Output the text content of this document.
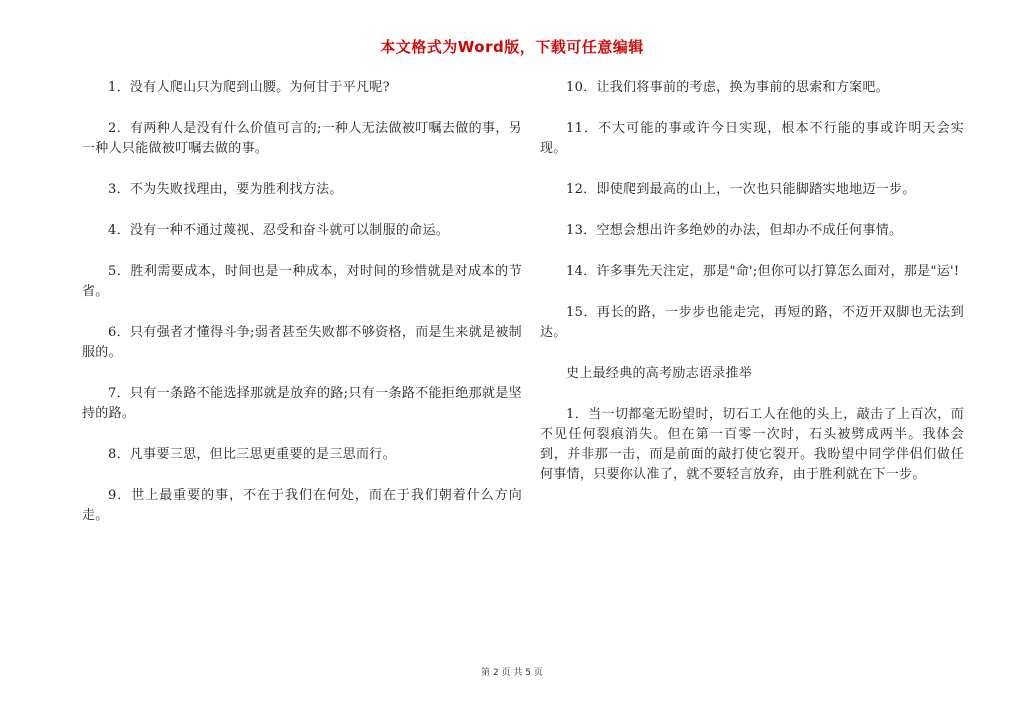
本文格式为Word版，下载可任意编辑

1．没有人爬山只为爬到山腰。为何甘于平凡呢?

2．有两种人是没有什么价值可言的;一种人无法做被叮嘱去做的事，另一种人只能做被叮嘱去做的事。

3．不为失败找理由，要为胜利找方法。

4．没有一种不通过蔑视、忍受和奋斗就可以制服的命运。

5．胜利需要成本，时间也是一种成本，对时间的珍惜就是对成本的节省。

6．只有强者才懂得斗争;弱者甚至失败都不够资格，而是生来就是被制服的。

7．只有一条路不能选择那就是放弃的路;只有一条路不能拒绝那就是坚持的路。

8．凡事要三思，但比三思更重要的是三思而行。

9．世上最重要的事，不在于我们在何处，而在于我们朝着什么方向走。

10．让我们将事前的考虑，换为事前的思索和方案吧。

11．不大可能的事或许今日实现，根本不行能的事或许明天会实现。

12．即使爬到最高的山上，一次也只能脚踏实地地迈一步。

13．空想会想出许多绝妙的办法，但却办不成任何事情。

14．许多事先天注定，那是"命';但你可以打算怎么面对，那是"运'!

15．再长的路，一步步也能走完，再短的路，不迈开双脚也无法到达。

史上最经典的高考励志语录推举

1．当一切都毫无盼望时，切石工人在他的头上，敲击了上百次，而不见任何裂痕消失。但在第一百零一次时，石头被劈成两半。我体会到，并非那一击，而是前面的敲打使它裂开。我盼望中同学伴侣们做任何事情，只要你认准了，就不要轻言放弃，由于胜利就在下一步。

第 2 页 共 5 页
